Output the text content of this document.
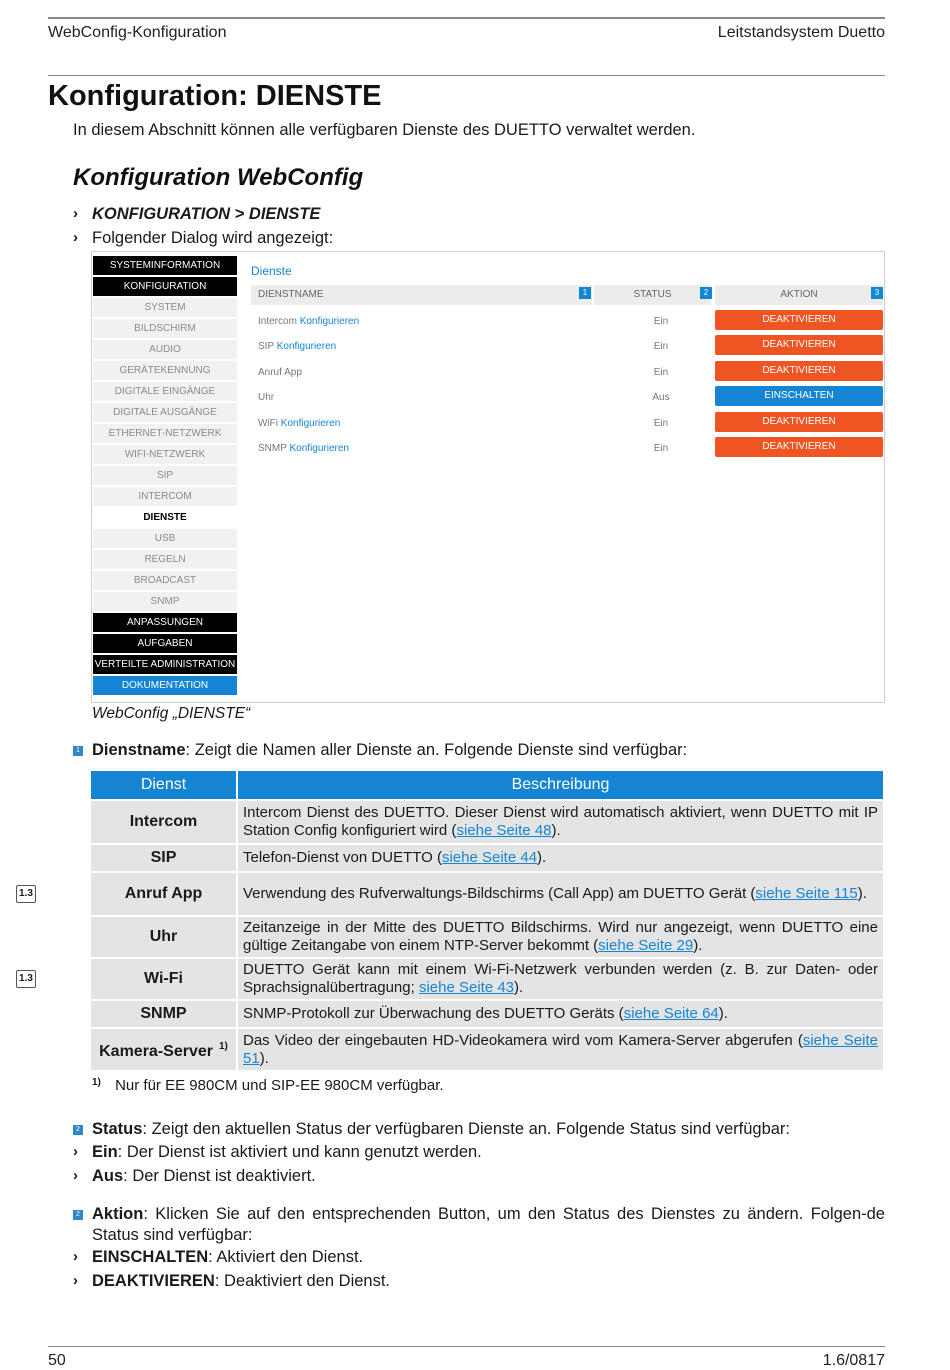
WebConfig-Konfiguration	Leitstandsystem Duetto
Konfiguration: DIENSTE
In diesem Abschnitt können alle verfügbaren Dienste des DUETTO verwaltet werden.
Konfiguration WebConfig
› KONFIGURATION > DIENSTE
› Folgender Dialog wird angezeigt:
SYSTEMINFORMATION
KONFIGURATION
SYSTEM
BILDSCHIRM
AUDIO
GERÄTEKENNUNG
DIGITALE EINGÄNGE
DIGITALE AUSGÄNGE
ETHERNET-NETZWERK
WIFI-NETZWERK
SIP
INTERCOM
DIENSTE
USB
REGELN
BROADCAST
SNMP
ANPASSUNGEN
AUFGABEN
VERTEILTE ADMINISTRATION
DOKUMENTATION
Dienste
DIENSTNAME	1	STATUS	2	AKTION	3
Intercom Konfigurieren	Ein	DEAKTIVIEREN
SIP Konfigurieren	Ein	DEAKTIVIEREN
Anruf App	Ein	DEAKTIVIEREN
Uhr	Aus	EINSCHALTEN
WiFi Konfigurieren	Ein	DEAKTIVIEREN
SNMP Konfigurieren	Ein	DEAKTIVIEREN
WebConfig „DIENSTE“
1 Dienstname: Zeigt die Namen aller Dienste an. Folgende Dienste sind verfügbar:
Dienst	Beschreibung
Intercom	Intercom Dienst des DUETTO. Dieser Dienst wird automatisch aktiviert, wenn DUETTO mit IP Station Config konfiguriert wird (siehe Seite 48).
SIP	Telefon-Dienst von DUETTO (siehe Seite 44).
Anruf App	Verwendung des Rufverwaltungs-Bildschirms (Call App) am DUETTO Gerät (siehe Seite 115).
Uhr	Zeitanzeige in der Mitte des DUETTO Bildschirms. Wird nur angezeigt, wenn DUETTO eine gültige Zeitangabe von einem NTP-Server bekommt (siehe Seite 29).
Wi-Fi	DUETTO Gerät kann mit einem Wi-Fi-Netzwerk verbunden werden (z. B. zur Daten- oder Sprachsignalübertragung; siehe Seite 43).
SNMP	SNMP-Protokoll zur Überwachung des DUETTO Geräts (siehe Seite 64).
Kamera-Server $^{1)}$	Das Video der eingebauten HD-Videokamera wird vom Kamera-Server abgerufen (siehe Seite 51).
$^{1)}$ Nur für EE 980CM und SIP-EE 980CM verfügbar.
2 Status: Zeigt den aktuellen Status der verfügbaren Dienste an. Folgende Status sind verfügbar:
› Ein: Der Dienst ist aktiviert und kann genutzt werden.
› Aus: Der Dienst ist deaktiviert.
2 Aktion: Klicken Sie auf den entsprechenden Button, um den Status des Dienstes zu ändern. Folgen-de Status sind verfügbar:
› EINSCHALTEN: Aktiviert den Dienst.
› DEAKTIVIEREN: Deaktiviert den Dienst.
50	1.6/0817
1.3
1.3
